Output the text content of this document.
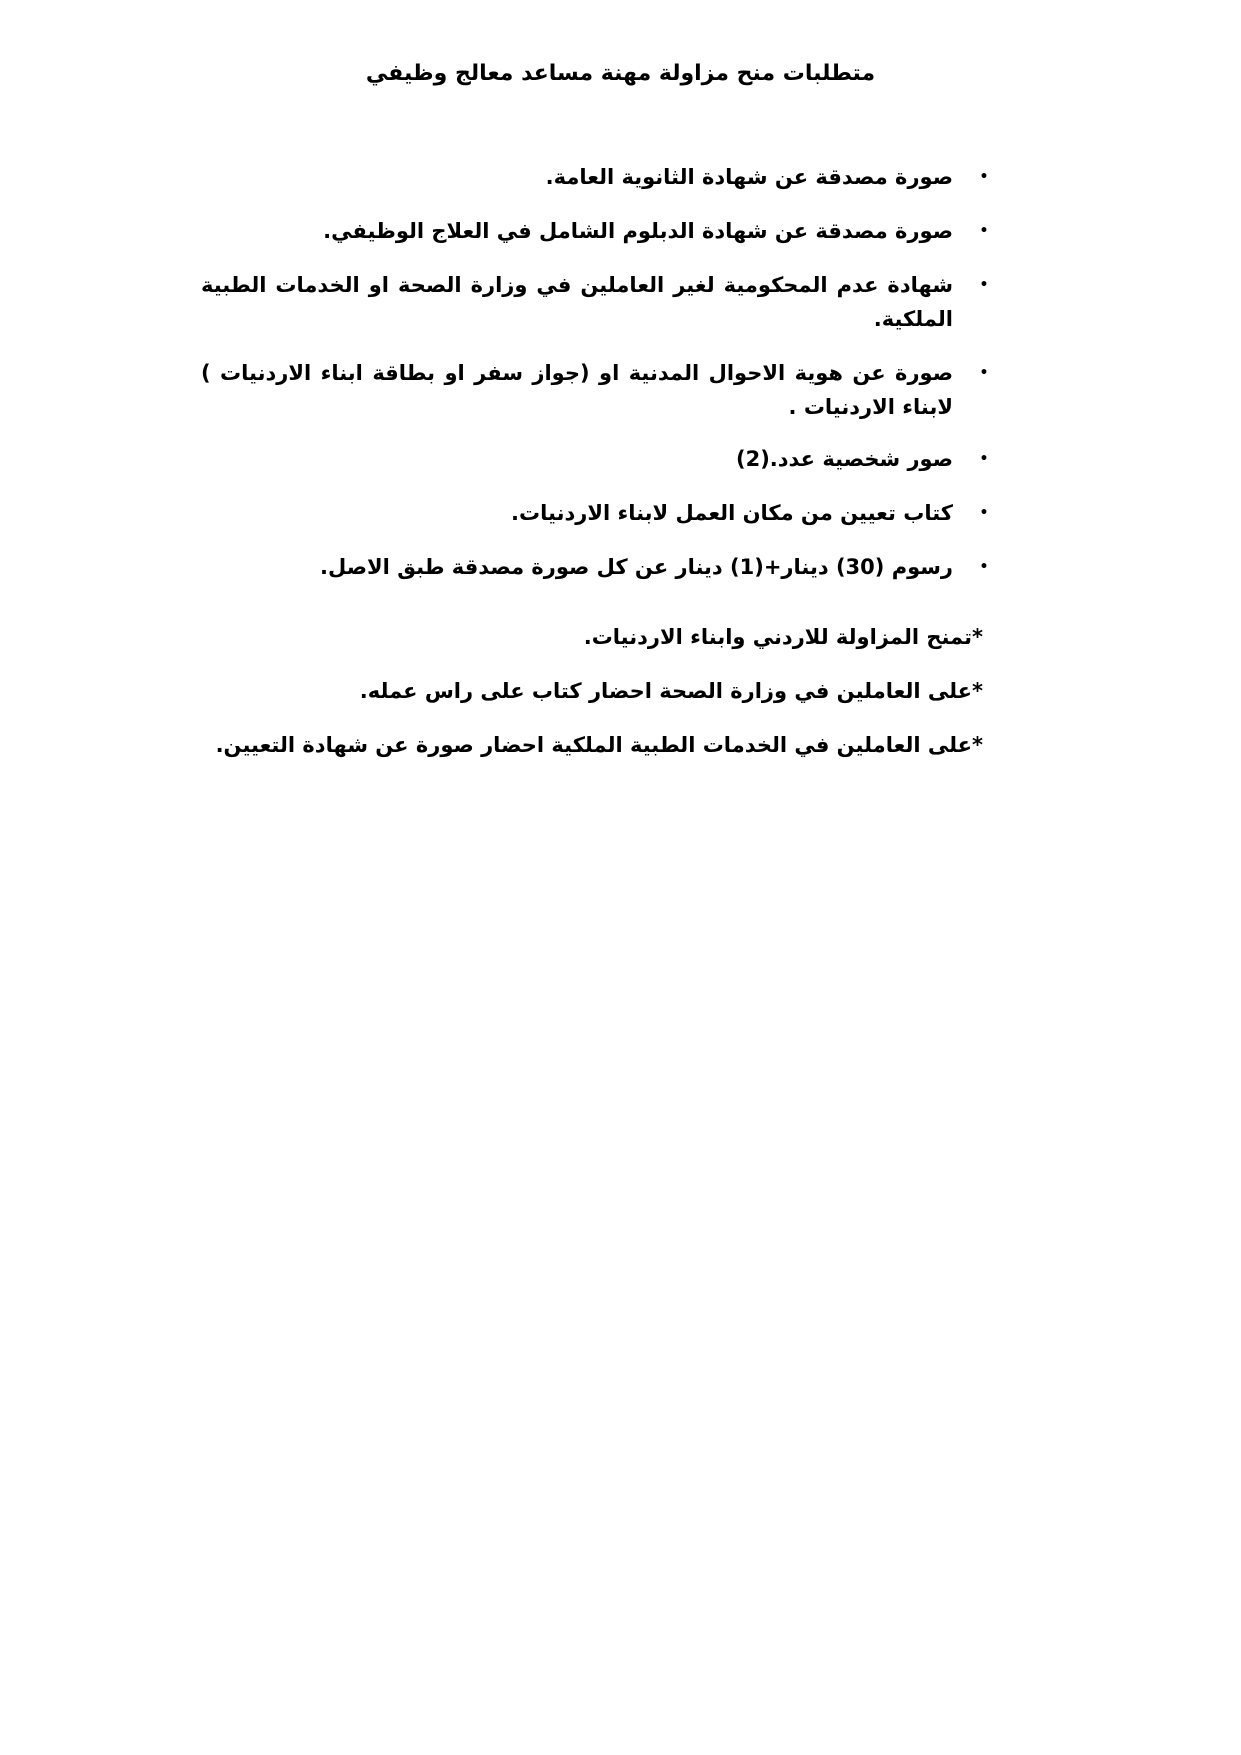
متطلبات منح مزاولة مهنة مساعد معالج وظيفي
•
صورة مصدقة عن شهادة الثانوية العامة.
•
صورة مصدقة عن شهادة الدبلوم الشامل في العلاج الوظيفي.
•
شهادة عدم المحكومية لغير العاملين في وزارة الصحة او الخدمات الطبية الملكية.
•
صورة عن هوية الاحوال المدنية او (جواز سفر او بطاقة ابناء الاردنيات ) لابناء الاردنيات .
•
صور شخصية عدد.(2)
•
كتاب تعيين من مكان العمل لابناء الاردنيات.
•
رسوم (30) دينار+(1) دينار عن كل صورة مصدقة طبق الاصل.

*تمنح المزاولة للاردني وابناء الاردنيات.

*على العاملين في وزارة الصحة احضار كتاب على راس عمله.

*على العاملين في الخدمات الطبية الملكية احضار صورة عن شهادة التعيين.
